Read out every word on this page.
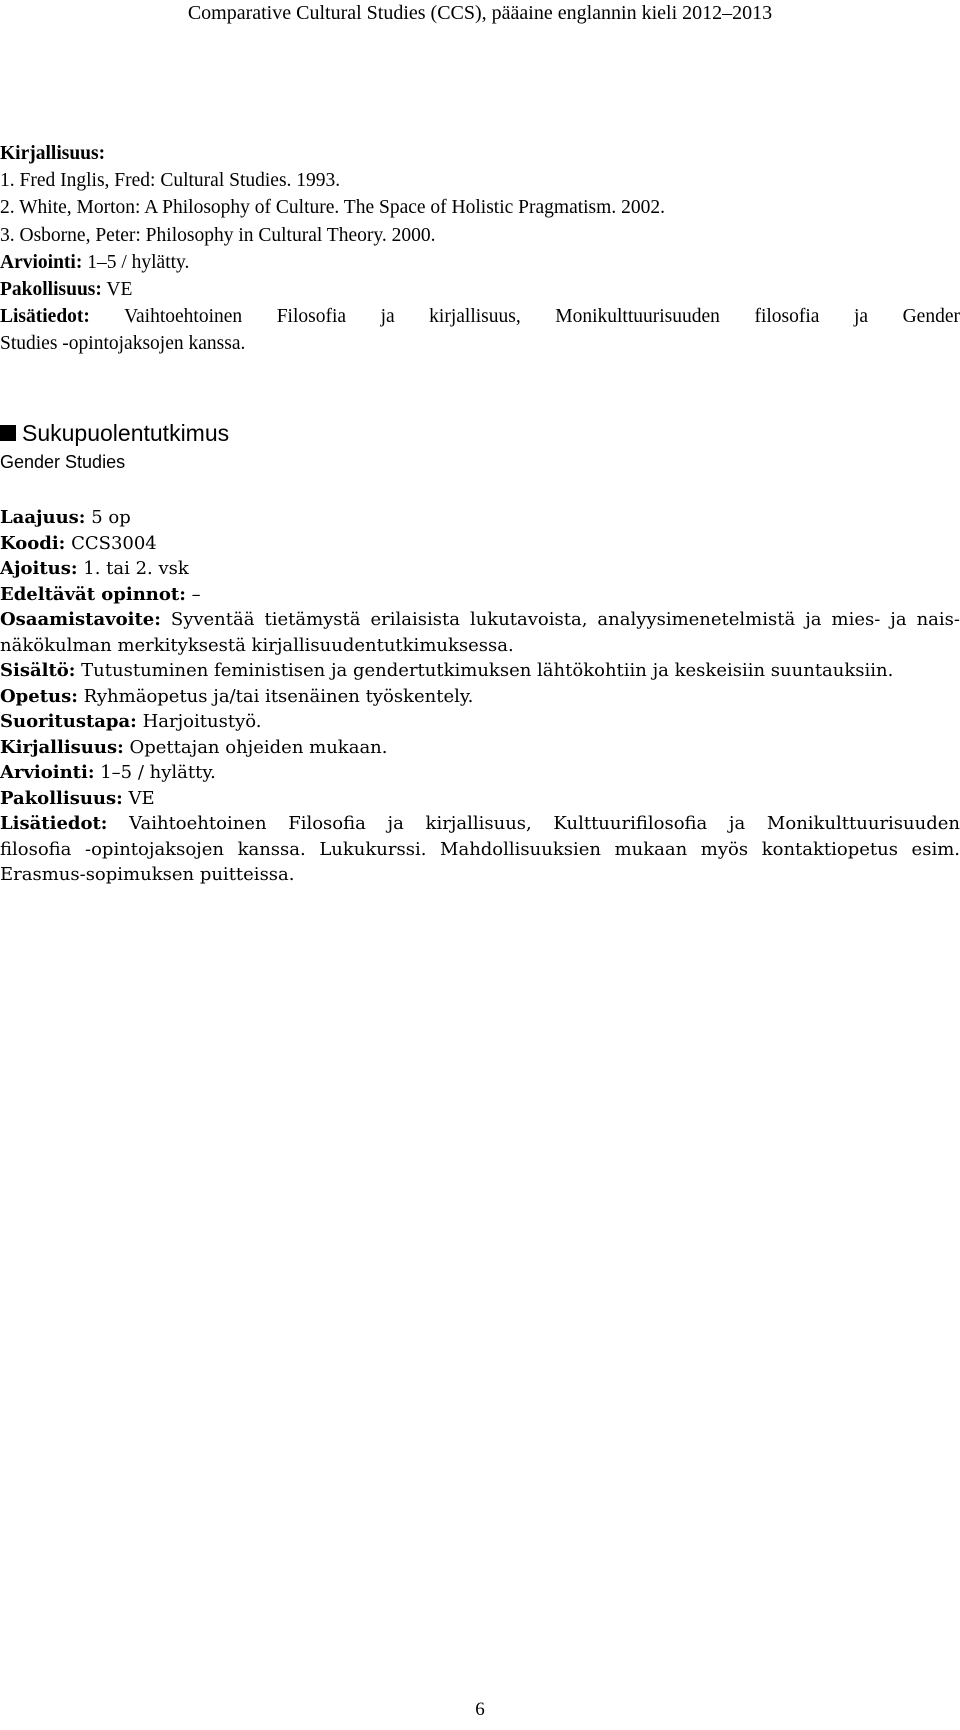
Comparative Cultural Studies (CCS), pääaine englannin kieli 2012–2013
Kirjallisuus:
1. Fred Inglis, Fred: Cultural Studies. 1993.
2. White, Morton: A Philosophy of Culture. The Space of Holistic Pragmatism. 2002.
3. Osborne, Peter: Philosophy in Cultural Theory. 2000.
Arviointi: 1–5 / hylätty.
Pakollisuus: VE
Lisätiedot: Vaihtoehtoinen Filosofia ja kirjallisuus, Monikulttuurisuuden filosofia ja Gender
Studies -opintojaksojen kanssa.
Sukupuolentutkimus
Gender Studies
Laajuus: 5 op
Koodi: CCS3004
Ajoitus: 1. tai 2. vsk
Edeltävät opinnot: –
Osaamistavoite: Syventää tietämystä erilaisista lukutavoista, analyysimenetelmistä ja mies- ja nais-
näkökulman merkityksestä kirjallisuudentutkimuksessa.
Sisältö: Tutustuminen feministisen ja gendertutkimuksen lähtökohtiin ja keskeisiin suuntauksiin.
Opetus: Ryhmäopetus ja/tai itsenäinen työskentely.
Suoritustapa: Harjoitustyö.
Kirjallisuus: Opettajan ohjeiden mukaan.
Arviointi: 1–5 / hylätty.
Pakollisuus: VE
Lisätiedot: Vaihtoehtoinen Filosofia ja kirjallisuus, Kulttuurifilosofia ja Monikulttuurisuuden
filosofia -opintojaksojen kanssa. Lukukurssi. Mahdollisuuksien mukaan myös kontaktiopetus esim.
Erasmus-sopimuksen puitteissa.
6
